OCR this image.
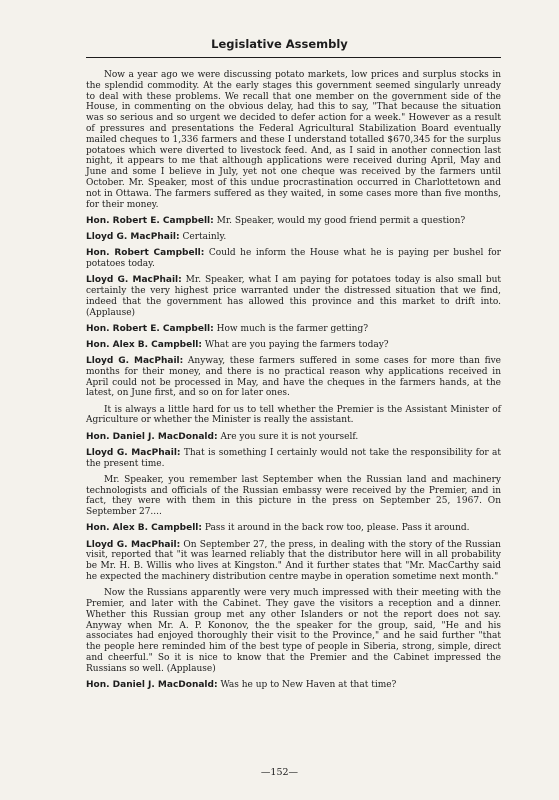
Legislative Assembly

Now a year ago we were discussing potato markets, low prices and surplus stocks in the splendid commodity. At the early stages this government seemed singularly unready to deal with these problems. We recall that one member on the government side of the House, in commenting on the obvious delay, had this to say, "That because the situation was so serious and so urgent we decided to defer action for a week." However as a result of pressures and presentations the Federal Agricultural Stabilization Board eventually mailed cheques to 1,336 farmers and these I understand totalled $670,345 for the surplus potatoes which were diverted to livestock feed. And, as I said in another connection last night, it appears to me that although applications were received during April, May and June and some I believe in July, yet not one cheque was received by the farmers until October. Mr. Speaker, most of this undue procrastination occurred in Charlottetown and not in Ottawa. The farmers suffered as they waited, in some cases more than five months, for their money.

Hon. Robert E. Campbell: Mr. Speaker, would my good friend permit a question?

Lloyd G. MacPhail: Certainly.

Hon. Robert Campbell: Could he inform the House what he is paying per bushel for potatoes today.

Lloyd G. MacPhail: Mr. Speaker, what I am paying for potatoes today is also small but certainly the very highest price warranted under the distressed situation that we find, indeed that the government has allowed this province and this market to drift into. (Applause)

Hon. Robert E. Campbell: How much is the farmer getting?

Hon. Alex B. Campbell: What are you paying the farmers today?

Lloyd G. MacPhail: Anyway, these farmers suffered in some cases for more than five months for their money, and there is no practical reason why applications received in April could not be processed in May, and have the cheques in the farmers hands, at the latest, on June first, and so on for later ones.

It is always a little hard for us to tell whether the Premier is the Assistant Minister of Agriculture or whether the Minister is really the assistant.

Hon. Daniel J. MacDonald: Are you sure it is not yourself.

Lloyd G. MacPhail: That is something I certainly would not take the responsibility for at the present time.

Mr. Speaker, you remember last September when the Russian land and machinery technologists and officials of the Russian embassy were received by the Premier, and in fact, they were with them in this picture in the press on September 25, 1967. On September 27....

Hon. Alex B. Campbell: Pass it around in the back row too, please. Pass it around.

Lloyd G. MacPhail: On September 27, the press, in dealing with the story of the Russian visit, reported that "it was learned reliably that the distributor here will in all probability be Mr. H. B. Willis who lives at Kingston." And it further states that "Mr. MacCarthy said he expected the machinery distribution centre maybe in operation sometime next month."

Now the Russians apparently were very much impressed with their meeting with the Premier, and later with the Cabinet. They gave the visitors a reception and a dinner. Whether this Russian group met any other Islanders or not the report does not say. Anyway when Mr. A. P. Kononov, the the speaker for the group, said, "He and his associates had enjoyed thoroughly their visit to the Province," and he said further "that the people here reminded him of the best type of people in Siberia, strong, simple, direct and cheerful." So it is nice to know that the Premier and the Cabinet impressed the Russians so well. (Applause)

Hon. Daniel J. MacDonald: Was he up to New Haven at that time?

—152—
